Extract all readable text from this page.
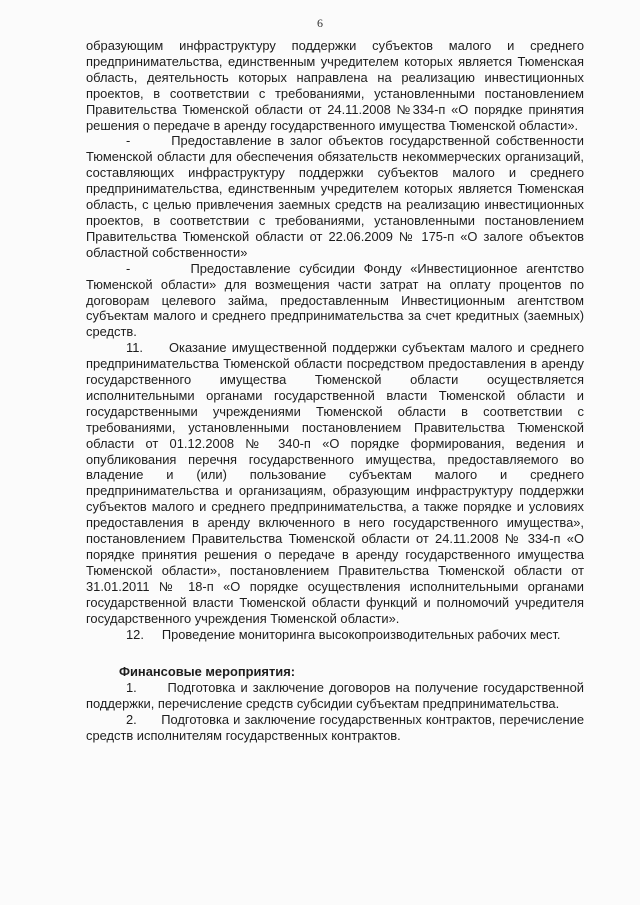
6

образующим инфраструктуру поддержки субъектов малого и среднего предпринимательства, единственным учредителем которых является Тюменская область, деятельность которых направлена на реализацию инвестиционных проектов, в соответствии с требованиями, установленными постановлением Правительства Тюменской области от 24.11.2008 №334-п «О порядке принятия решения о передаче в аренду государственного имущества Тюменской области».

-       Предоставление в залог объектов государственной собственности Тюменской области для обеспечения обязательств некоммерческих организаций, составляющих инфраструктуру поддержки субъектов малого и среднего предпринимательства, единственным учредителем которых является Тюменская область, с целью привлечения заемных средств на реализацию инвестиционных проектов, в соответствии с требованиями, установленными постановлением Правительства Тюменской области от 22.06.2009 № 175-п «О залоге объектов областной собственности»

-       Предоставление субсидии Фонду «Инвестиционное агентство Тюменской области» для возмещения части затрат на оплату процентов по договорам целевого займа, предоставленным Инвестиционным агентством субъектам малого и среднего предпринимательства за счет кредитных (заемных) средств.

11.     Оказание имущественной поддержки субъектам малого и среднего предпринимательства Тюменской области посредством предоставления в аренду государственного имущества Тюменской области осуществляется исполнительными органами государственной власти Тюменской области и государственными учреждениями Тюменской области в соответствии с требованиями, установленными постановлением Правительства Тюменской области от 01.12.2008 № 340-п «О порядке формирования, ведения и опубликования перечня государственного имущества, предоставляемого во владение и (или) пользование субъектам малого и среднего предпринимательства и организациям, образующим инфраструктуру поддержки субъектов малого и среднего предпринимательства, а также порядке и условиях предоставления в аренду включенного в него государственного имущества», постановлением Правительства Тюменской области от 24.11.2008 № 334-п «О порядке принятия решения о передаче в аренду государственного имущества Тюменской области», постановлением Правительства Тюменской области от 31.01.2011 № 18-п «О порядке осуществления исполнительными органами государственной власти Тюменской области функций и полномочий учредителя государственного учреждения Тюменской области».

12.     Проведение мониторинга высокопроизводительных рабочих мест.

Финансовые мероприятия:

1.      Подготовка и заключение договоров на получение государственной поддержки, перечисление средств субсидии субъектам предпринимательства.

2.      Подготовка и заключение государственных контрактов, перечисление средств исполнителям государственных контрактов.
